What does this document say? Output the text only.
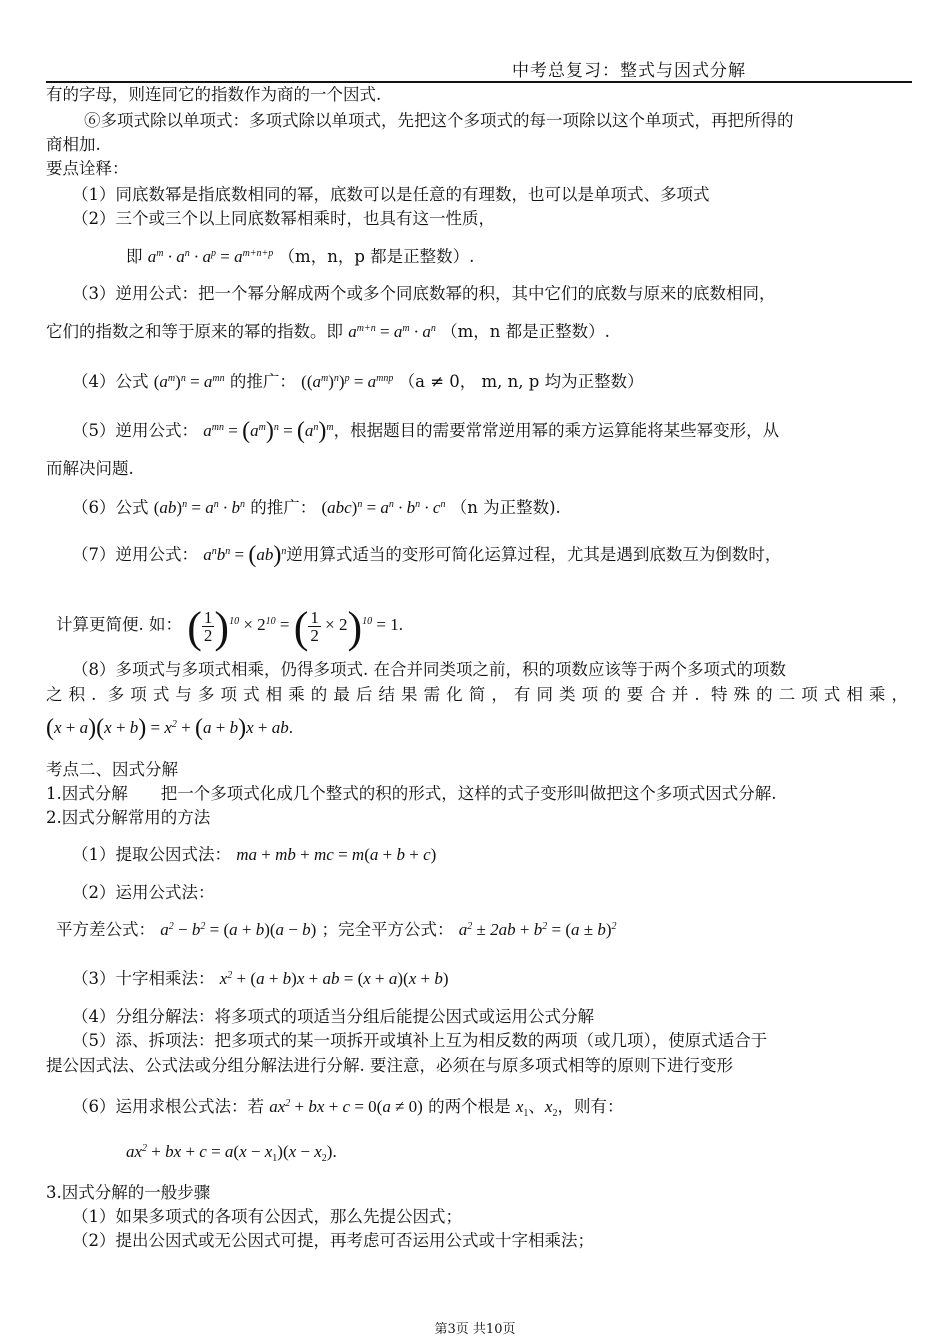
中考总复习：整式与因式分解
有的字母，则连同它的指数作为商的一个因式.
⑥多项式除以单项式：多项式除以单项式，先把这个多项式的每一项除以这个单项式，再把所得的
商相加.
要点诠释：
（1）同底数幂是指底数相同的幂，底数可以是任意的有理数，也可以是单项式、多项式
（2）三个或三个以上同底数幂相乘时，也具有这一性质，
即 $a^m \cdot a^n \cdot a^p = a^{m+n+p}$ （m，n，p 都是正整数）.
（3）逆用公式：把一个幂分解成两个或多个同底数幂的积，其中它们的底数与原来的底数相同，
它们的指数之和等于原来的幂的指数。即 $a^{m+n} = a^m \cdot a^n$ （m，n 都是正整数）.
（4）公式 $(a^m)^n = a^{mn}$ 的推广： $((a^m)^n)^p = a^{mnp}$ （a ≠ 0， m, n, p 均为正整数）
（5）逆用公式： $a^{mn} = (a^m)^n = (a^n)^m$，根据题目的需要常常逆用幂的乘方运算能将某些幂变形，从
而解决问题.
（6）公式 $(ab)^n = a^n \cdot b^n$ 的推广： $(abc)^n = a^n \cdot b^n \cdot c^n$ （n 为正整数).
（7）逆用公式： $a^nb^n = (ab)^n$逆用算式适当的变形可简化运算过程，尤其是遇到底数互为倒数时，
计算更简便. 如： ( $\frac{1}{2} )^{10} \times 2^{10}$ = ( $\frac{1}{2} \times 2)^{10} = 1$.
（8）多项式与多项式相乘，仍得多项式. 在合并同类项之前，积的项数应该等于两个多项式的项数
之积. 多项式与多项式相乘的最后结果需化简，有同类项的要合并. 特殊的二项式相乘，
$(x + a)(x + b) = x^2 + (a + b)x$ + ab.
考点二、因式分解
1.因式分解　　把一个多项式化成几个整式的积的形式，这样的式子变形叫做把这个多项式因式分解.
2.因式分解常用的方法
（1）提取公因式法： ma + mb + mc = m(a + b + c)
（2）运用公式法：
平方差公式： $a^2 - b^2 = (a + b)(a - b)$ ；完全平方公式： $a^2 \pm 2ab + b^2 = (a \pm b)^2$
（3）十字相乘法： $x^2 + (a + b)x$ + ab = (x + a)(x + b)
（4）分组分解法：将多项式的项适当分组后能提公因式或运用公式分解
（5）添、拆项法：把多项式的某一项拆开或填补上互为相反数的两项（或几项），使原式适合于
提公因式法、公式法或分组分解法进行分解. 要注意，必须在与原多项式相等的原则下进行变形
（6）运用求根公式法：若 $ax^2$ + bx + c = 0(a ≠ 0) 的两个根是 $x_1$、$x_2$，则有：
$ax^2$ + bx + $c = a(x - x_1)(x - x_2)$.
3.因式分解的一般步骤
（1）如果多项式的各项有公因式，那么先提公因式；
（2）提出公因式或无公因式可提，再考虑可否运用公式或十字相乘法；
第3页 共10页
